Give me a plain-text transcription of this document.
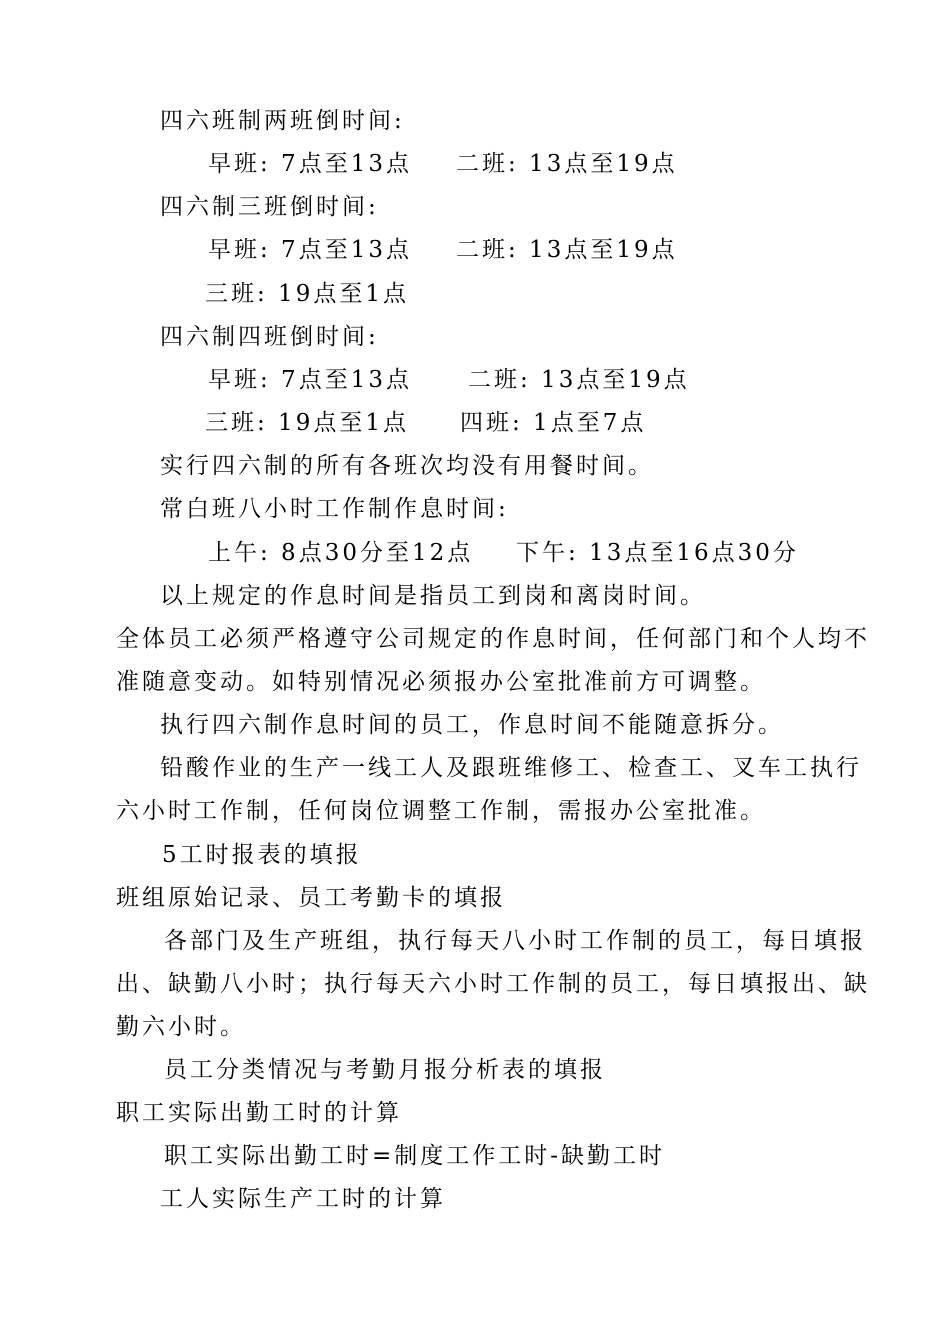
四六班制两班倒时间:
早班: 7点至13点 二班: 13点至19点
四六制三班倒时间:
早班: 7点至13点 二班: 13点至19点
三班: 19点至1点
四六制四班倒时间:
早班: 7点至13点 二班: 13点至19点
三班: 19点至1点 四班: 1点至7点
实行四六制的所有各班次均没有用餐时间。
常白班八小时工作制作息时间:
上午: 8点30分至12点 下午: 13点至16点30分
以上规定的作息时间是指员工到岗和离岗时间。
全体员工必须严格遵守公司规定的作息时间，任何部门和个人均不
准随意变动。如特别情况必须报办公室批准前方可调整。
执行四六制作息时间的员工，作息时间不能随意拆分。
铅酸作业的生产一线工人及跟班维修工、检查工、叉车工执行
六小时工作制，任何岗位调整工作制，需报办公室批准。
5工时报表的填报
班组原始记录、员工考勤卡的填报
各部门及生产班组，执行每天八小时工作制的员工，每日填报
出、缺勤八小时；执行每天六小时工作制的员工，每日填报出、缺
勤六小时。
员工分类情况与考勤月报分析表的填报
职工实际出勤工时的计算
职工实际出勤工时=制度工作工时-缺勤工时
工人实际生产工时的计算
